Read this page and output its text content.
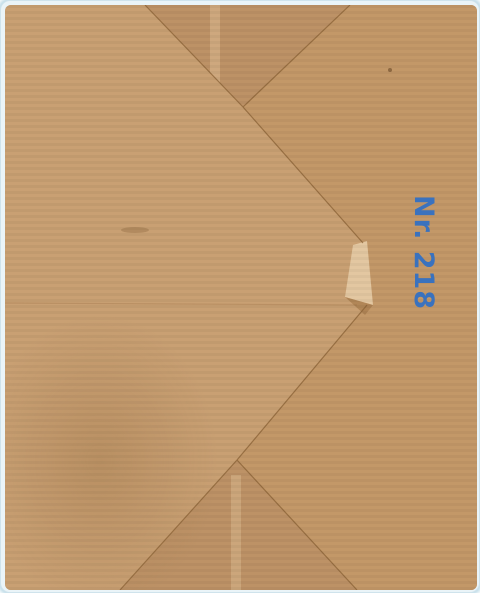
Nr. 218
